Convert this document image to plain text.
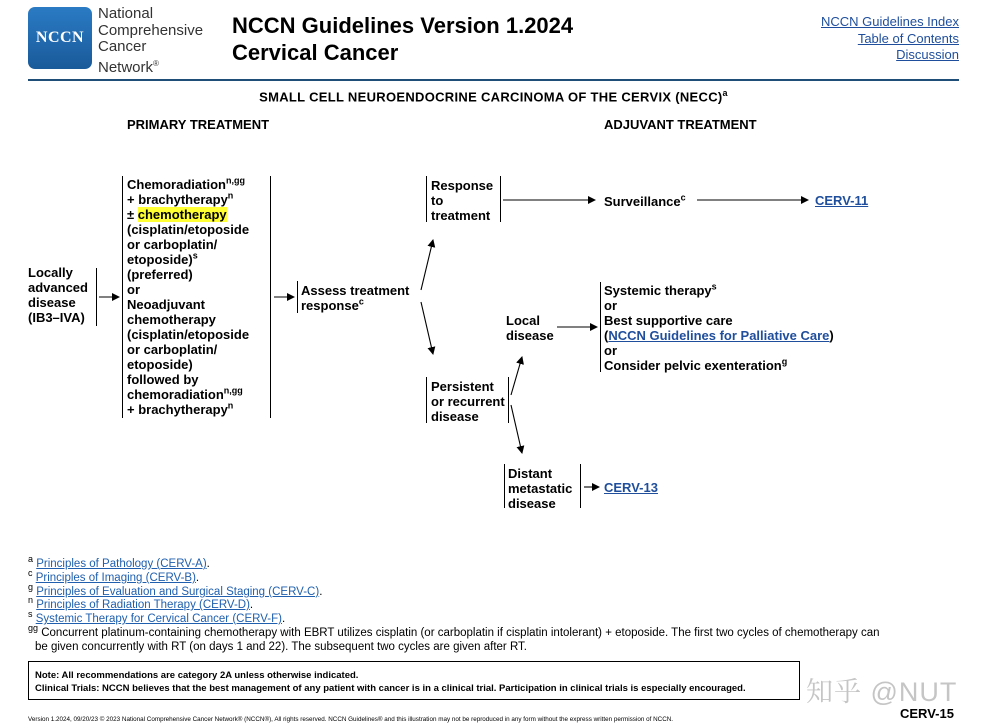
NCCN
National
Comprehensive
Cancer
Network®
NCCN Guidelines Version 1.2024
Cervical Cancer
NCCN Guidelines Index
Table of Contents
Discussion
SMALL CELL NEUROENDOCRINE CARCINOMA OF THE CERVIX (NECC)$^a$
PRIMARY TREATMENT	ADJUVANT TREATMENT
Locally
advanced
disease
(IB3–IVA)
Chemoradiation$^{n,gg}$
+ brachytherapy$^n$
± chemotherapy
(cisplatin/etoposide
or carboplatin/
etoposide)$^s$
(preferred)
or
Neoadjuvant
chemotherapy
(cisplatin/etoposide
or carboplatin/
etoposide)
followed by
chemoradiation$^{n,gg}$
+ brachytherapy$^n$
Assess treatment
response$^c$
Response
to
treatment
Surveillance$^c$	CERV-11
Persistent
or recurrent
disease
Local
disease
Systemic therapy$^s$
or
Best supportive care
(NCCN Guidelines for Palliative Care)
or
Consider pelvic exenteration$^g$
Distant
metastatic
disease
CERV-13
$^a$ Principles of Pathology (CERV-A).
$^c$ Principles of Imaging (CERV-B).
$^g$ Principles of Evaluation and Surgical Staging (CERV-C).
$^n$ Principles of Radiation Therapy (CERV-D).
$^s$ Systemic Therapy for Cervical Cancer (CERV-F).
$^{gg}$ Concurrent platinum-containing chemotherapy with EBRT utilizes cisplatin (or carboplatin if cisplatin intolerant) + etoposide. The first two cycles of chemotherapy can
be given concurrently with RT (on days 1 and 22). The subsequent two cycles are given after RT.
Note: All recommendations are category 2A unless otherwise indicated.
Clinical Trials: NCCN believes that the best management of any patient with cancer is in a clinical trial. Participation in clinical trials is especially encouraged.	知乎 @NUT
Version 1.2024, 09/20/23 © 2023 National Comprehensive Cancer Network® (NCCN®), All rights reserved. NCCN Guidelines® and this illustration may not be reproduced in any form without the express written permission of NCCN.	CERV-15
